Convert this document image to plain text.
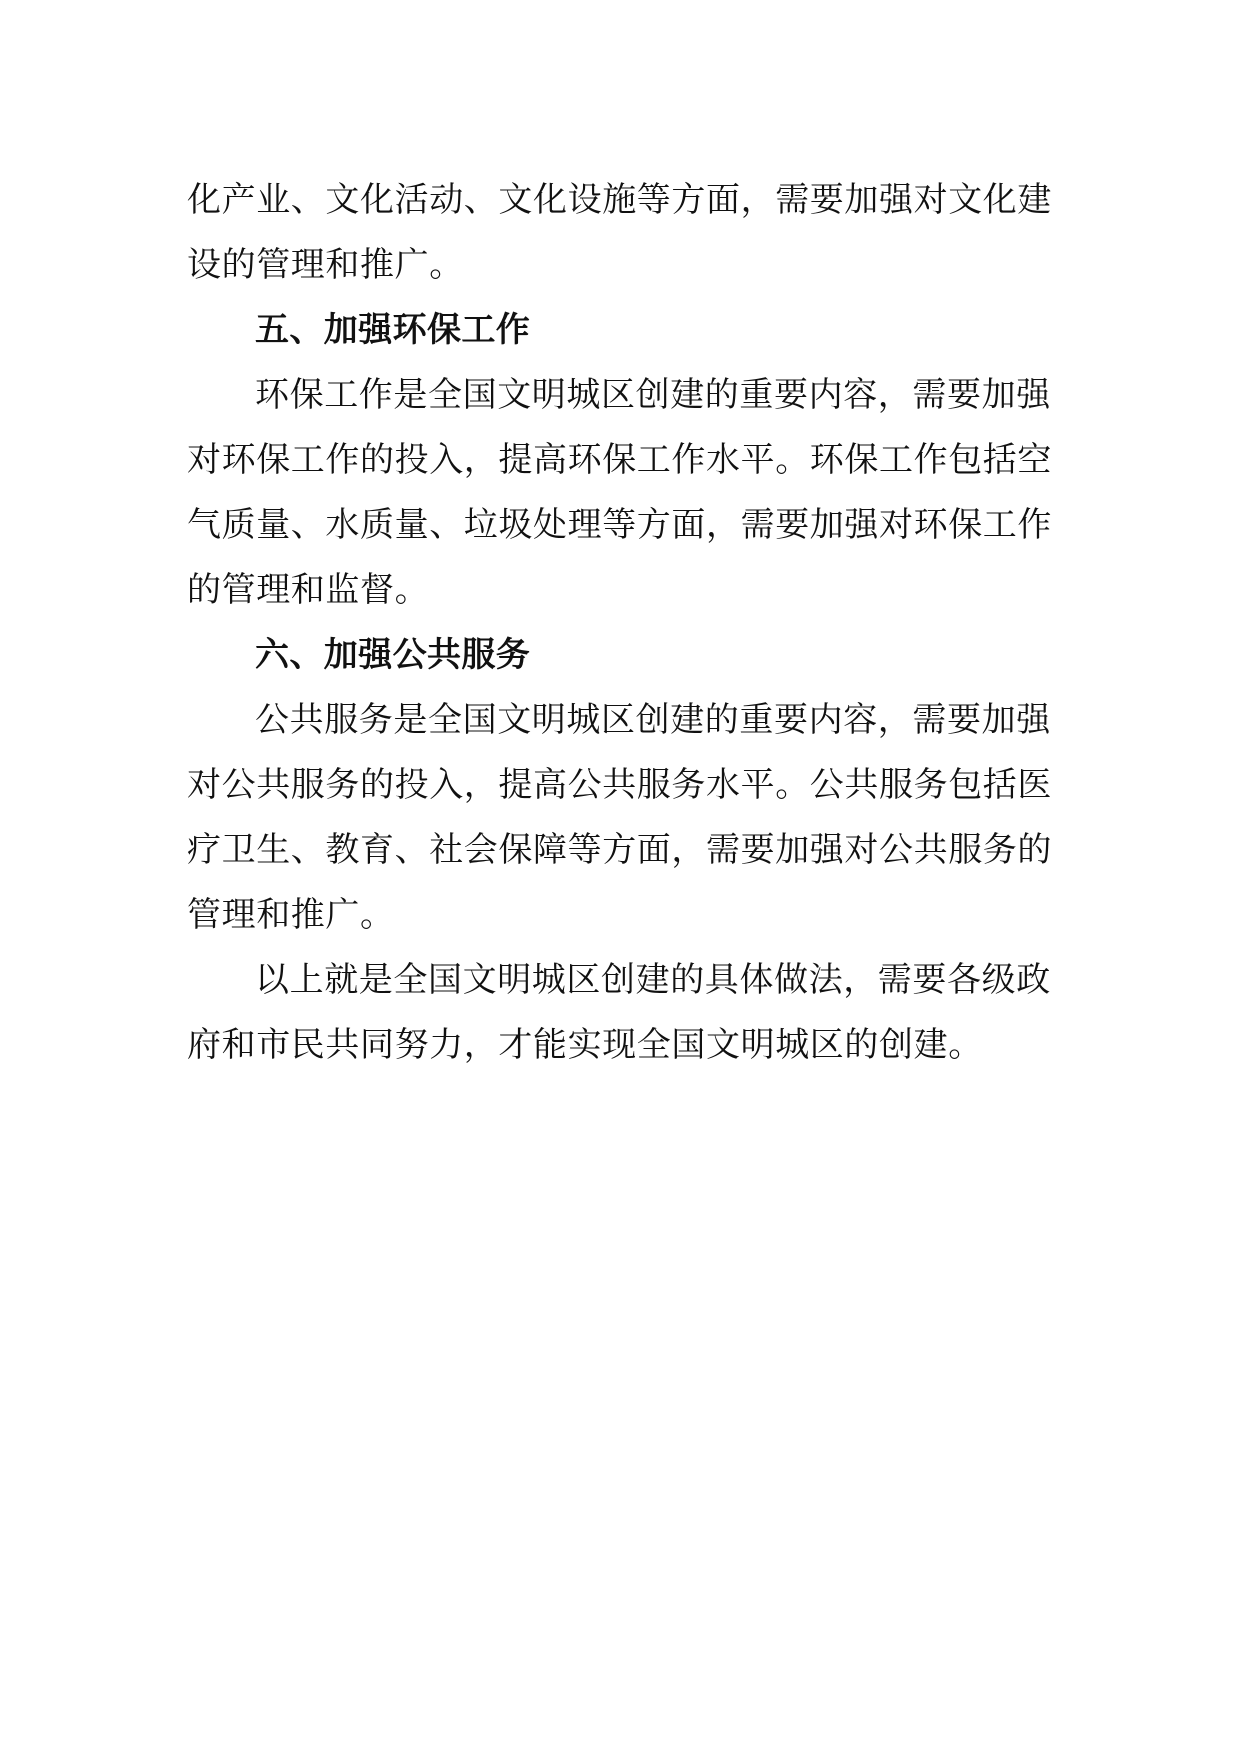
化产业、文化活动、文化设施等方面，需要加强对文化建
设的管理和推广。
五、加强环保工作
环保工作是全国文明城区创建的重要内容，需要加强
对环保工作的投入，提高环保工作水平。环保工作包括空
气质量、水质量、垃圾处理等方面，需要加强对环保工作
的管理和监督。
六、加强公共服务
公共服务是全国文明城区创建的重要内容，需要加强
对公共服务的投入，提高公共服务水平。公共服务包括医
疗卫生、教育、社会保障等方面，需要加强对公共服务的
管理和推广。
以上就是全国文明城区创建的具体做法，需要各级政
府和市民共同努力，才能实现全国文明城区的创建。
